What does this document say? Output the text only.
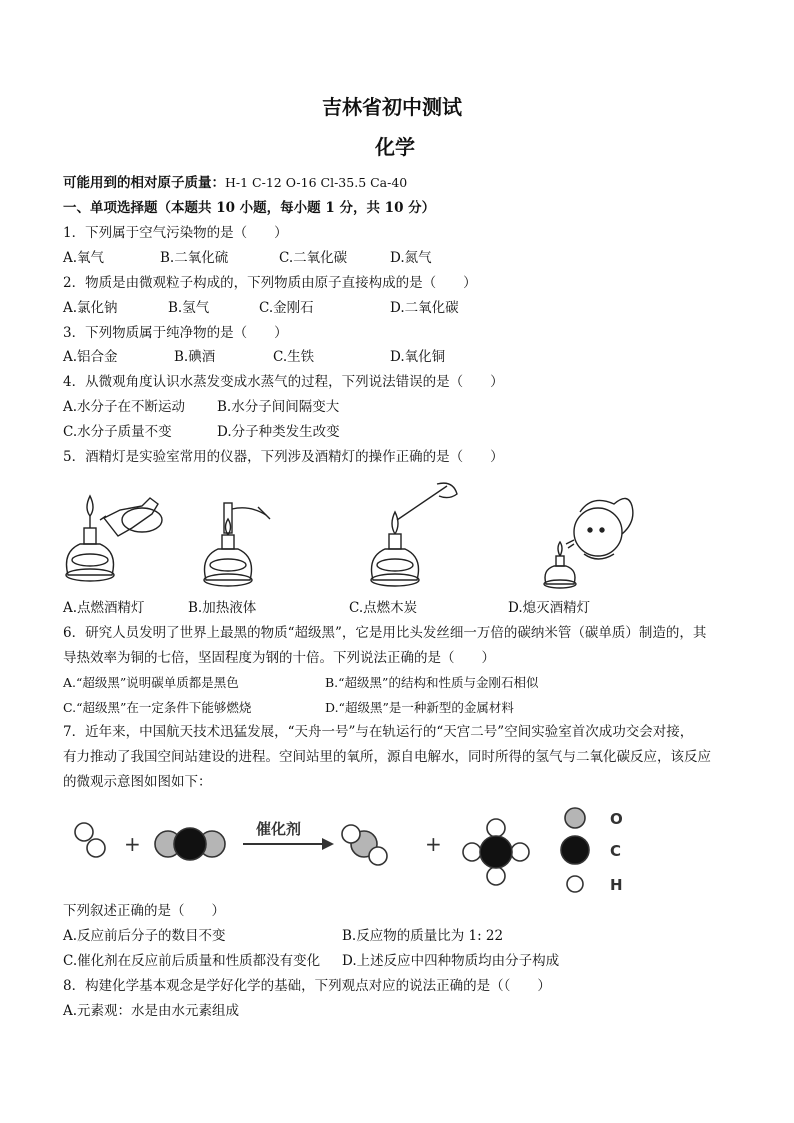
吉林省初中测试
化学
可能用到的相对原子质量：H-1 C-12 O-16 Cl-35.5 Ca-40
一、单项选择题（本题共 10 小题，每小题 1 分，共 10 分）
1．下列属于空气污染物的是（　　）
A.氧气	B.二氧化硫	C.二氧化碳	D.氮气
2．物质是由微观粒子构成的，下列物质由原子直接构成的是（　　）
A.氯化钠	B.氢气	C.金刚石	D.二氧化碳
3．下列物质属于纯净物的是（　　）
A.铝合金	B.碘酒	C.生铁	D.氧化铜
4．从微观角度认识水蒸发变成水蒸气的过程，下列说法错误的是（　　）
A.水分子在不断运动 B.水分子间间隔变大
C.水分子质量不变	D.分子种类发生改变
5．酒精灯是实验室常用的仪器，下列涉及酒精灯的操作正确的是（　　）
A.点燃酒精灯	B.加热液体	C.点燃木炭	D.熄灭酒精灯
6．研究人员发明了世界上最黑的物质“超级黑”，它是用比头发丝细一万倍的碳纳米管（碳单质）制造的，其
导热效率为铜的七倍，坚固程度为钢的十倍。下列说法正确的是（　　）
A.“超级黑”说明碳单质都是黑色	B.“超级黑”的结构和性质与金刚石相似
C.“超级黑”在一定条件下能够燃烧	D.“超级黑”是一种新型的金属材料
7．近年来，中国航天技术迅猛发展，“天舟一号”与在轨运行的“天宫二号”空间实验室首次成功交会对接，
有力推动了我国空间站建设的进程。空间站里的氧所，源自电解水，同时所得的氢气与二氧化碳反应，该反应
的微观示意图如图如下：
+	+
催化剂
O
C
H
下列叙述正确的是（　　）
A.反应前后分子的数目不变	B.反应物的质量比为 1: 22
C.催化剂在反应前后质量和性质都没有变化 D.上述反应中四种物质均由分子构成
8．构建化学基本观念是学好化学的基础，下列观点对应的说法正确的是（（　　）
A.元素观：水是由水元素组成
